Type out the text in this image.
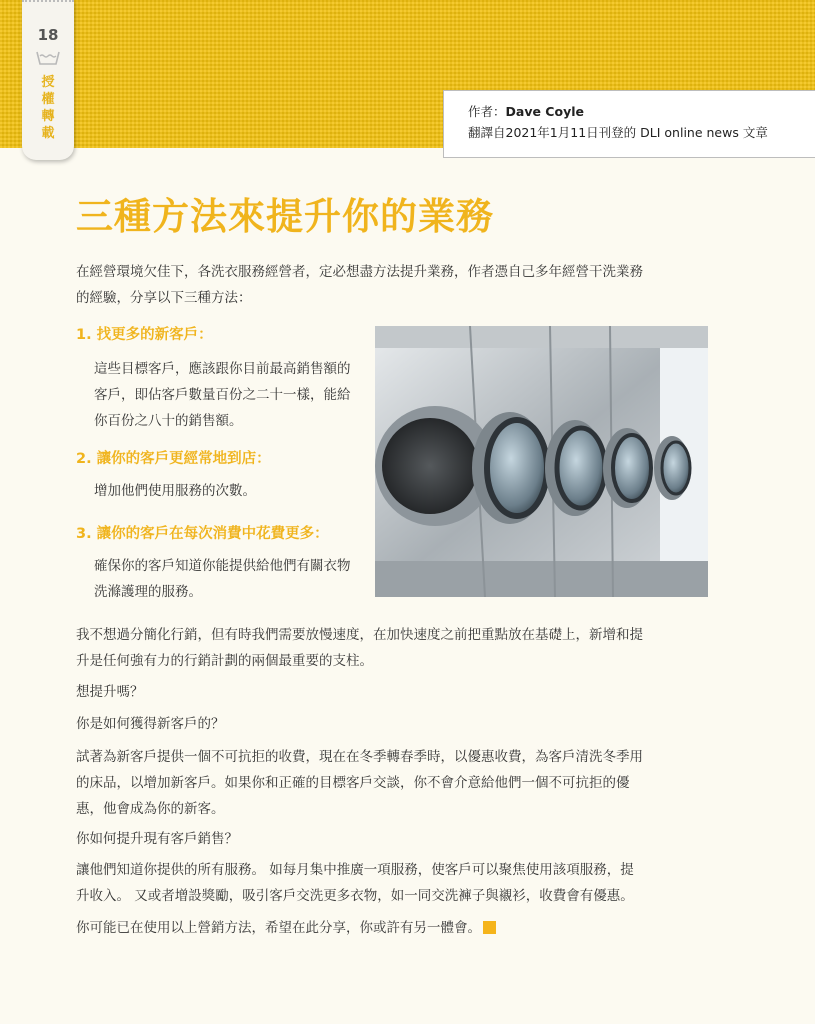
18
授
權
轉
載
作者：Dave Coyle
翻譯自2021年1月11日刊登的 DLI online news 文章
三種方法來提升你的業務

在經營環境欠佳下，各洗衣服務經營者，定必想盡方法提升業務，作者憑自己多年經營干洗業務的經驗，分享以下三種方法：

1. 找更多的新客戶：

這些目標客戶，應該跟你目前最高銷售額的客戶，即佔客戶數量百份之二十一樣，能給你百份之八十的銷售額。

2. 讓你的客戶更經常地到店：

增加他們使用服務的次數。

3. 讓你的客戶在每次消費中花費更多：

確保你的客戶知道你能提供給他們有關衣物洗滌護理的服務。

我不想過分簡化行銷，但有時我們需要放慢速度，在加快速度之前把重點放在基礎上，新增和提升是任何強有力的行銷計劃的兩個最重要的支柱。

想提升嗎？

你是如何獲得新客戶的？

試著為新客戶提供一個不可抗拒的收費，現在在冬季轉春季時，以優惠收費，為客戶清洗冬季用的床品，以增加新客戶。如果你和正確的目標客戶交談，你不會介意給他們一個不可抗拒的優惠，他會成為你的新客。

你如何提升現有客戶銷售？

讓他們知道你提供的所有服務。 如每月集中推廣一項服務，使客戶可以聚焦使用該項服務，提升收入。 又或者增設獎勵，吸引客戶交洗更多衣物，如一同交洗褲子與襯衫，收費會有優惠。

你可能已在使用以上營銷方法，希望在此分享，你或許有另一體會。
